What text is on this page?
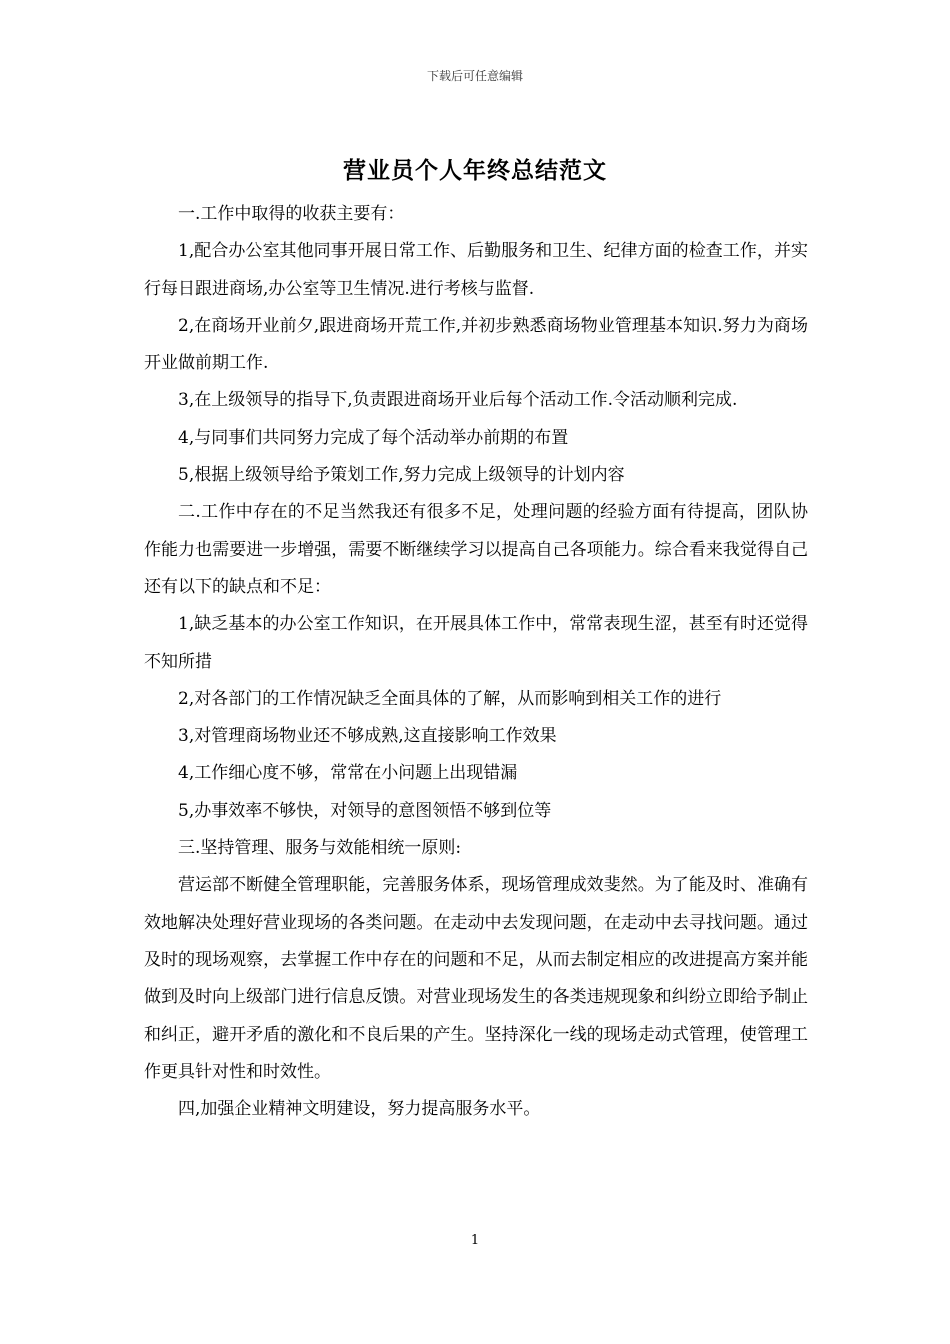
下载后可任意编辑
营业员个人年终总结范文

一.工作中取得的收获主要有：

1,配合办公室其他同事开展日常工作、后勤服务和卫生、纪律方面的检查工作，并实行每日跟进商场,办公室等卫生情况.进行考核与监督.

2,在商场开业前夕,跟进商场开荒工作,并初步熟悉商场物业管理基本知识.努力为商场开业做前期工作.

3,在上级领导的指导下,负责跟进商场开业后每个活动工作.令活动顺利完成.

4,与同事们共同努力完成了每个活动举办前期的布置

5,根据上级领导给予策划工作,努力完成上级领导的计划内容

二.工作中存在的不足当然我还有很多不足，处理问题的经验方面有待提高，团队协作能力也需要进一步增强，需要不断继续学习以提高自己各项能力。综合看来我觉得自己还有以下的缺点和不足：

1,缺乏基本的办公室工作知识，在开展具体工作中，常常表现生涩，甚至有时还觉得不知所措

2,对各部门的工作情况缺乏全面具体的了解，从而影响到相关工作的进行

3,对管理商场物业还不够成熟,这直接影响工作效果

4,工作细心度不够，常常在小问题上出现错漏

5,办事效率不够快，对领导的意图领悟不够到位等

三.坚持管理、服务与效能相统一原则:

营运部不断健全管理职能，完善服务体系，现场管理成效斐然。为了能及时、准确有效地解决处理好营业现场的各类问题。在走动中去发现问题，在走动中去寻找问题。通过及时的现场观察，去掌握工作中存在的问题和不足，从而去制定相应的改进提高方案并能做到及时向上级部门进行信息反馈。对营业现场发生的各类违规现象和纠纷立即给予制止和纠正，避开矛盾的激化和不良后果的产生。坚持深化一线的现场走动式管理，使管理工作更具针对性和时效性。

四,加强企业精神文明建设，努力提高服务水平。

1
